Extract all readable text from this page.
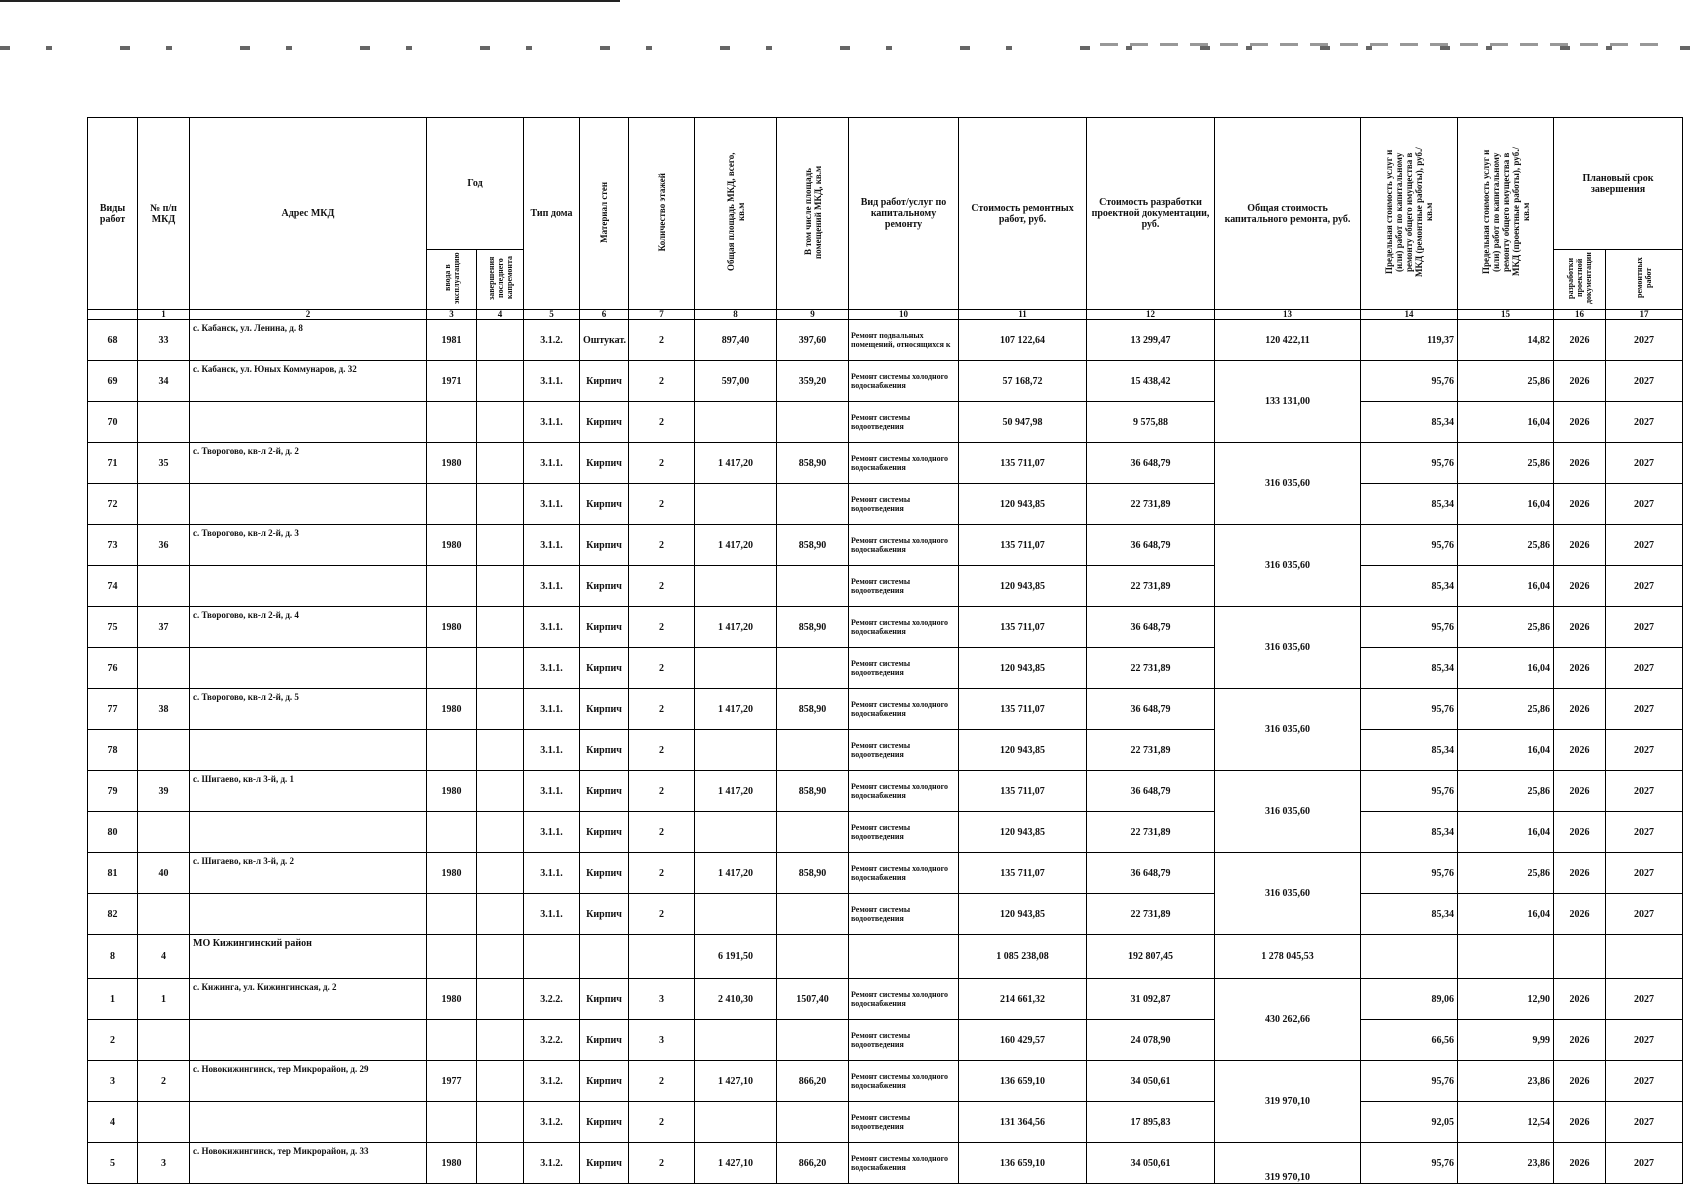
Виды работ	№ п/п МКД	Адрес МКД	Год		Тип дома	Материал стен	Количество этажей	Общая площадь МКД, всего, кв.м	В том числе площадь помещений МКД, кв.м	Вид работ/услуг по капитальному ремонту	Стоимость ремонтных работ, руб.	Стоимость разработки проектной документации, руб.	Общая стоимость капитального ремонта, руб.	Предельная стоимость услуг и (или) работ по капитальному ремонту общего имущества в МКД (ремонтные работы), руб./кв.м	Предельная стоимость услуг и (или) работ по капитальному ремонту общего имущества в МКД (проектные работы), руб./кв.м	Плановый срок завершения	
			ввода в эксплуатацию	завершения последнего капремонта												разработки проектной документации	ремонтных работ
	1	2	3	4	5	6	7	8	9	10	11	12	13	14	15	16	17
68	33	с. Кабанск, ул. Ленина, д. 8	1981		3.1.2.	Оштукат.	2	897,40	397,60	Ремонт подвальных помещений, относящихся к	107 122,64	13 299,47	120 422,11	119,37	14,82	2026	2027
69	34	с. Кабанск, ул. Юных Коммунаров, д. 32	1971		3.1.1.	Кирпич	2	597,00	359,20	Ремонт системы холодного водоснабжения	57 168,72	15 438,42	133 131,00	95,76	25,86	2026	2027
70					3.1.1.	Кирпич	2			Ремонт системы водоотведения	50 947,98	9 575,88		85,34	16,04	2026	2027
71	35	с. Творогово, кв-л 2-й, д. 2	1980		3.1.1.	Кирпич	2	1 417,20	858,90	Ремонт системы холодного водоснабжения	135 711,07	36 648,79	316 035,60	95,76	25,86	2026	2027
72					3.1.1.	Кирпич	2			Ремонт системы водоотведения	120 943,85	22 731,89		85,34	16,04	2026	2027
73	36	с. Творогово, кв-л 2-й, д. 3	1980		3.1.1.	Кирпич	2	1 417,20	858,90	Ремонт системы холодного водоснабжения	135 711,07	36 648,79	316 035,60	95,76	25,86	2026	2027
74					3.1.1.	Кирпич	2			Ремонт системы водоотведения	120 943,85	22 731,89		85,34	16,04	2026	2027
75	37	с. Творогово, кв-л 2-й, д. 4	1980		3.1.1.	Кирпич	2	1 417,20	858,90	Ремонт системы холодного водоснабжения	135 711,07	36 648,79	316 035,60	95,76	25,86	2026	2027
76					3.1.1.	Кирпич	2			Ремонт системы водоотведения	120 943,85	22 731,89		85,34	16,04	2026	2027
77	38	с. Творогово, кв-л 2-й, д. 5	1980		3.1.1.	Кирпич	2	1 417,20	858,90	Ремонт системы холодного водоснабжения	135 711,07	36 648,79	316 035,60	95,76	25,86	2026	2027
78					3.1.1.	Кирпич	2			Ремонт системы водоотведения	120 943,85	22 731,89		85,34	16,04	2026	2027
79	39	с. Шигаево, кв-л 3-й, д. 1	1980		3.1.1.	Кирпич	2	1 417,20	858,90	Ремонт системы холодного водоснабжения	135 711,07	36 648,79	316 035,60	95,76	25,86	2026	2027
80					3.1.1.	Кирпич	2			Ремонт системы водоотведения	120 943,85	22 731,89		85,34	16,04	2026	2027
81	40	с. Шигаево, кв-л 3-й, д. 2	1980		3.1.1.	Кирпич	2	1 417,20	858,90	Ремонт системы холодного водоснабжения	135 711,07	36 648,79	316 035,60	95,76	25,86	2026	2027
82					3.1.1.	Кирпич	2			Ремонт системы водоотведения	120 943,85	22 731,89		85,34	16,04	2026	2027
8	4	МО Кижингинский район						6 191,50			1 085 238,08	192 807,45	1 278 045,53				
1	1	с. Кижинга, ул. Кижингинская, д. 2	1980		3.2.2.	Кирпич	3	2 410,30	1507,40	Ремонт системы холодного водоснабжения	214 661,32	31 092,87	430 262,66	89,06	12,90	2026	2027
2					3.2.2.	Кирпич	3			Ремонт системы водоотведения	160 429,57	24 078,90		66,56	9,99	2026	2027
3	2	с. Новокижингинск, тер Микрорайон, д. 29	1977		3.1.2.	Кирпич	2	1 427,10	866,20	Ремонт системы холодного водоснабжения	136 659,10	34 050,61	319 970,10	95,76	23,86	2026	2027
4					3.1.2.	Кирпич	2			Ремонт системы водоотведения	131 364,56	17 895,83		92,05	12,54	2026	2027
5	3	с. Новокижингинск, тер Микрорайон, д. 33	1980		3.1.2.	Кирпич	2	1 427,10	866,20	Ремонт системы холодного водоснабжения	136 659,10	34 050,61	319 970,10	95,76	23,86	2026	2027
